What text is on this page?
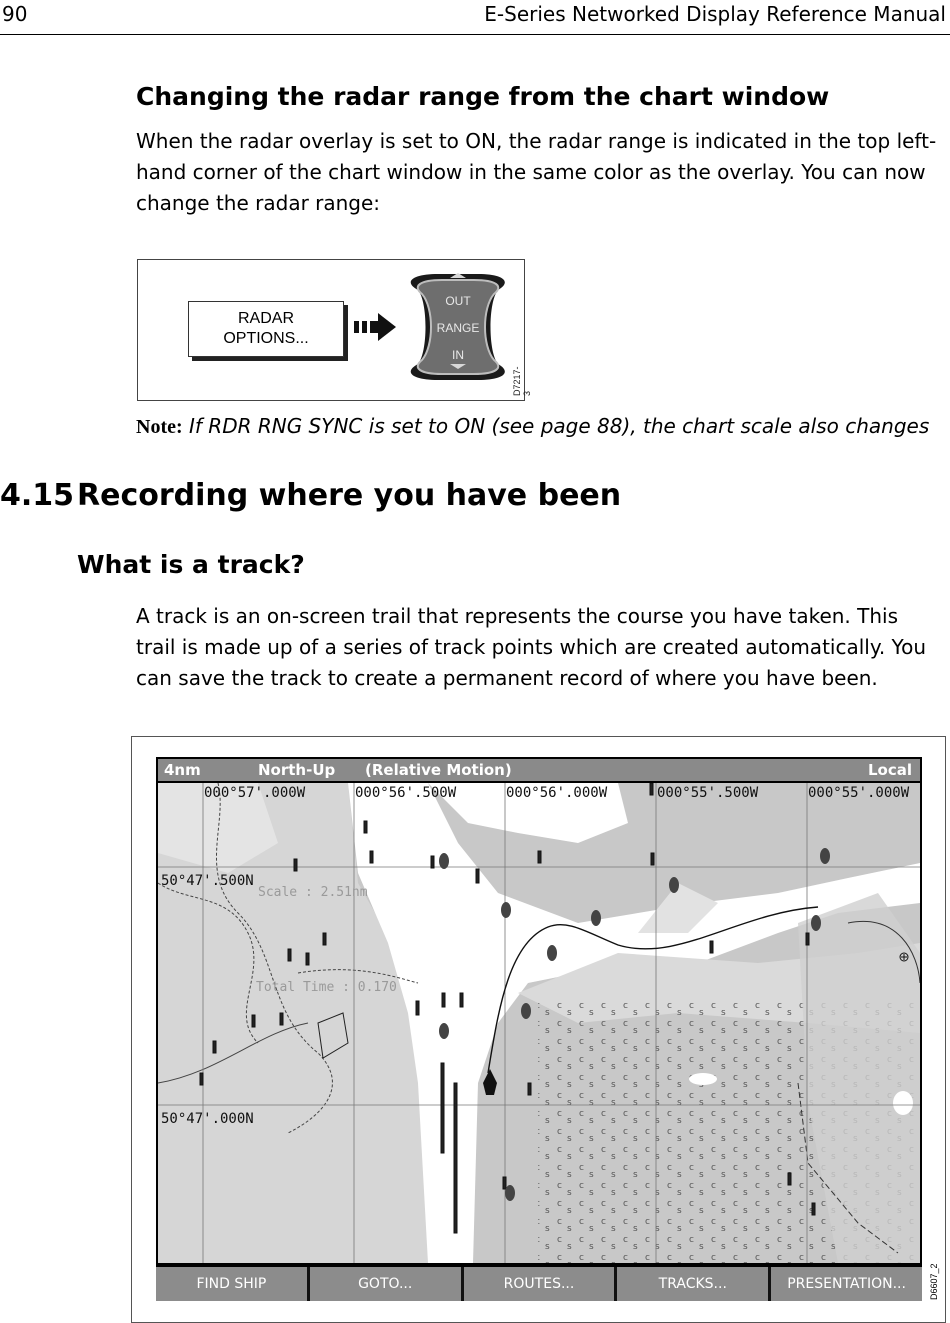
90	E-Series Networked Display Reference Manual
Changing the radar range from the chart window
When the radar overlay is set to ON, the radar range is indicated in the top left-hand corner of the chart window in the same color as the overlay. You can now change the radar range:
RADAR
OPTIONS...
OUT
RANGE
IN
D7217-3
Note: If RDR RNG SYNC is set to ON (see page 88), the chart scale also changes
4.15Recording where you have been
What is a track?
A track is an on-screen trail that represents the course you have taken. This trail is made up of a series of track points which are created automatically. You can save the track to create a permanent record of where you have been.
4nm	North-Up (Relative Motion)	Local
000°57'.000W	000°56'.500W	000°56'.000W	000°55'.500W	000°55'.000W
50°47'.500N
50°47'.000N
Scale : 2.51nm
Total Time : 0.170
FIND SHIP	GOTO...	ROUTES...	TRACKS...	PRESENTATION...	D6607_2
